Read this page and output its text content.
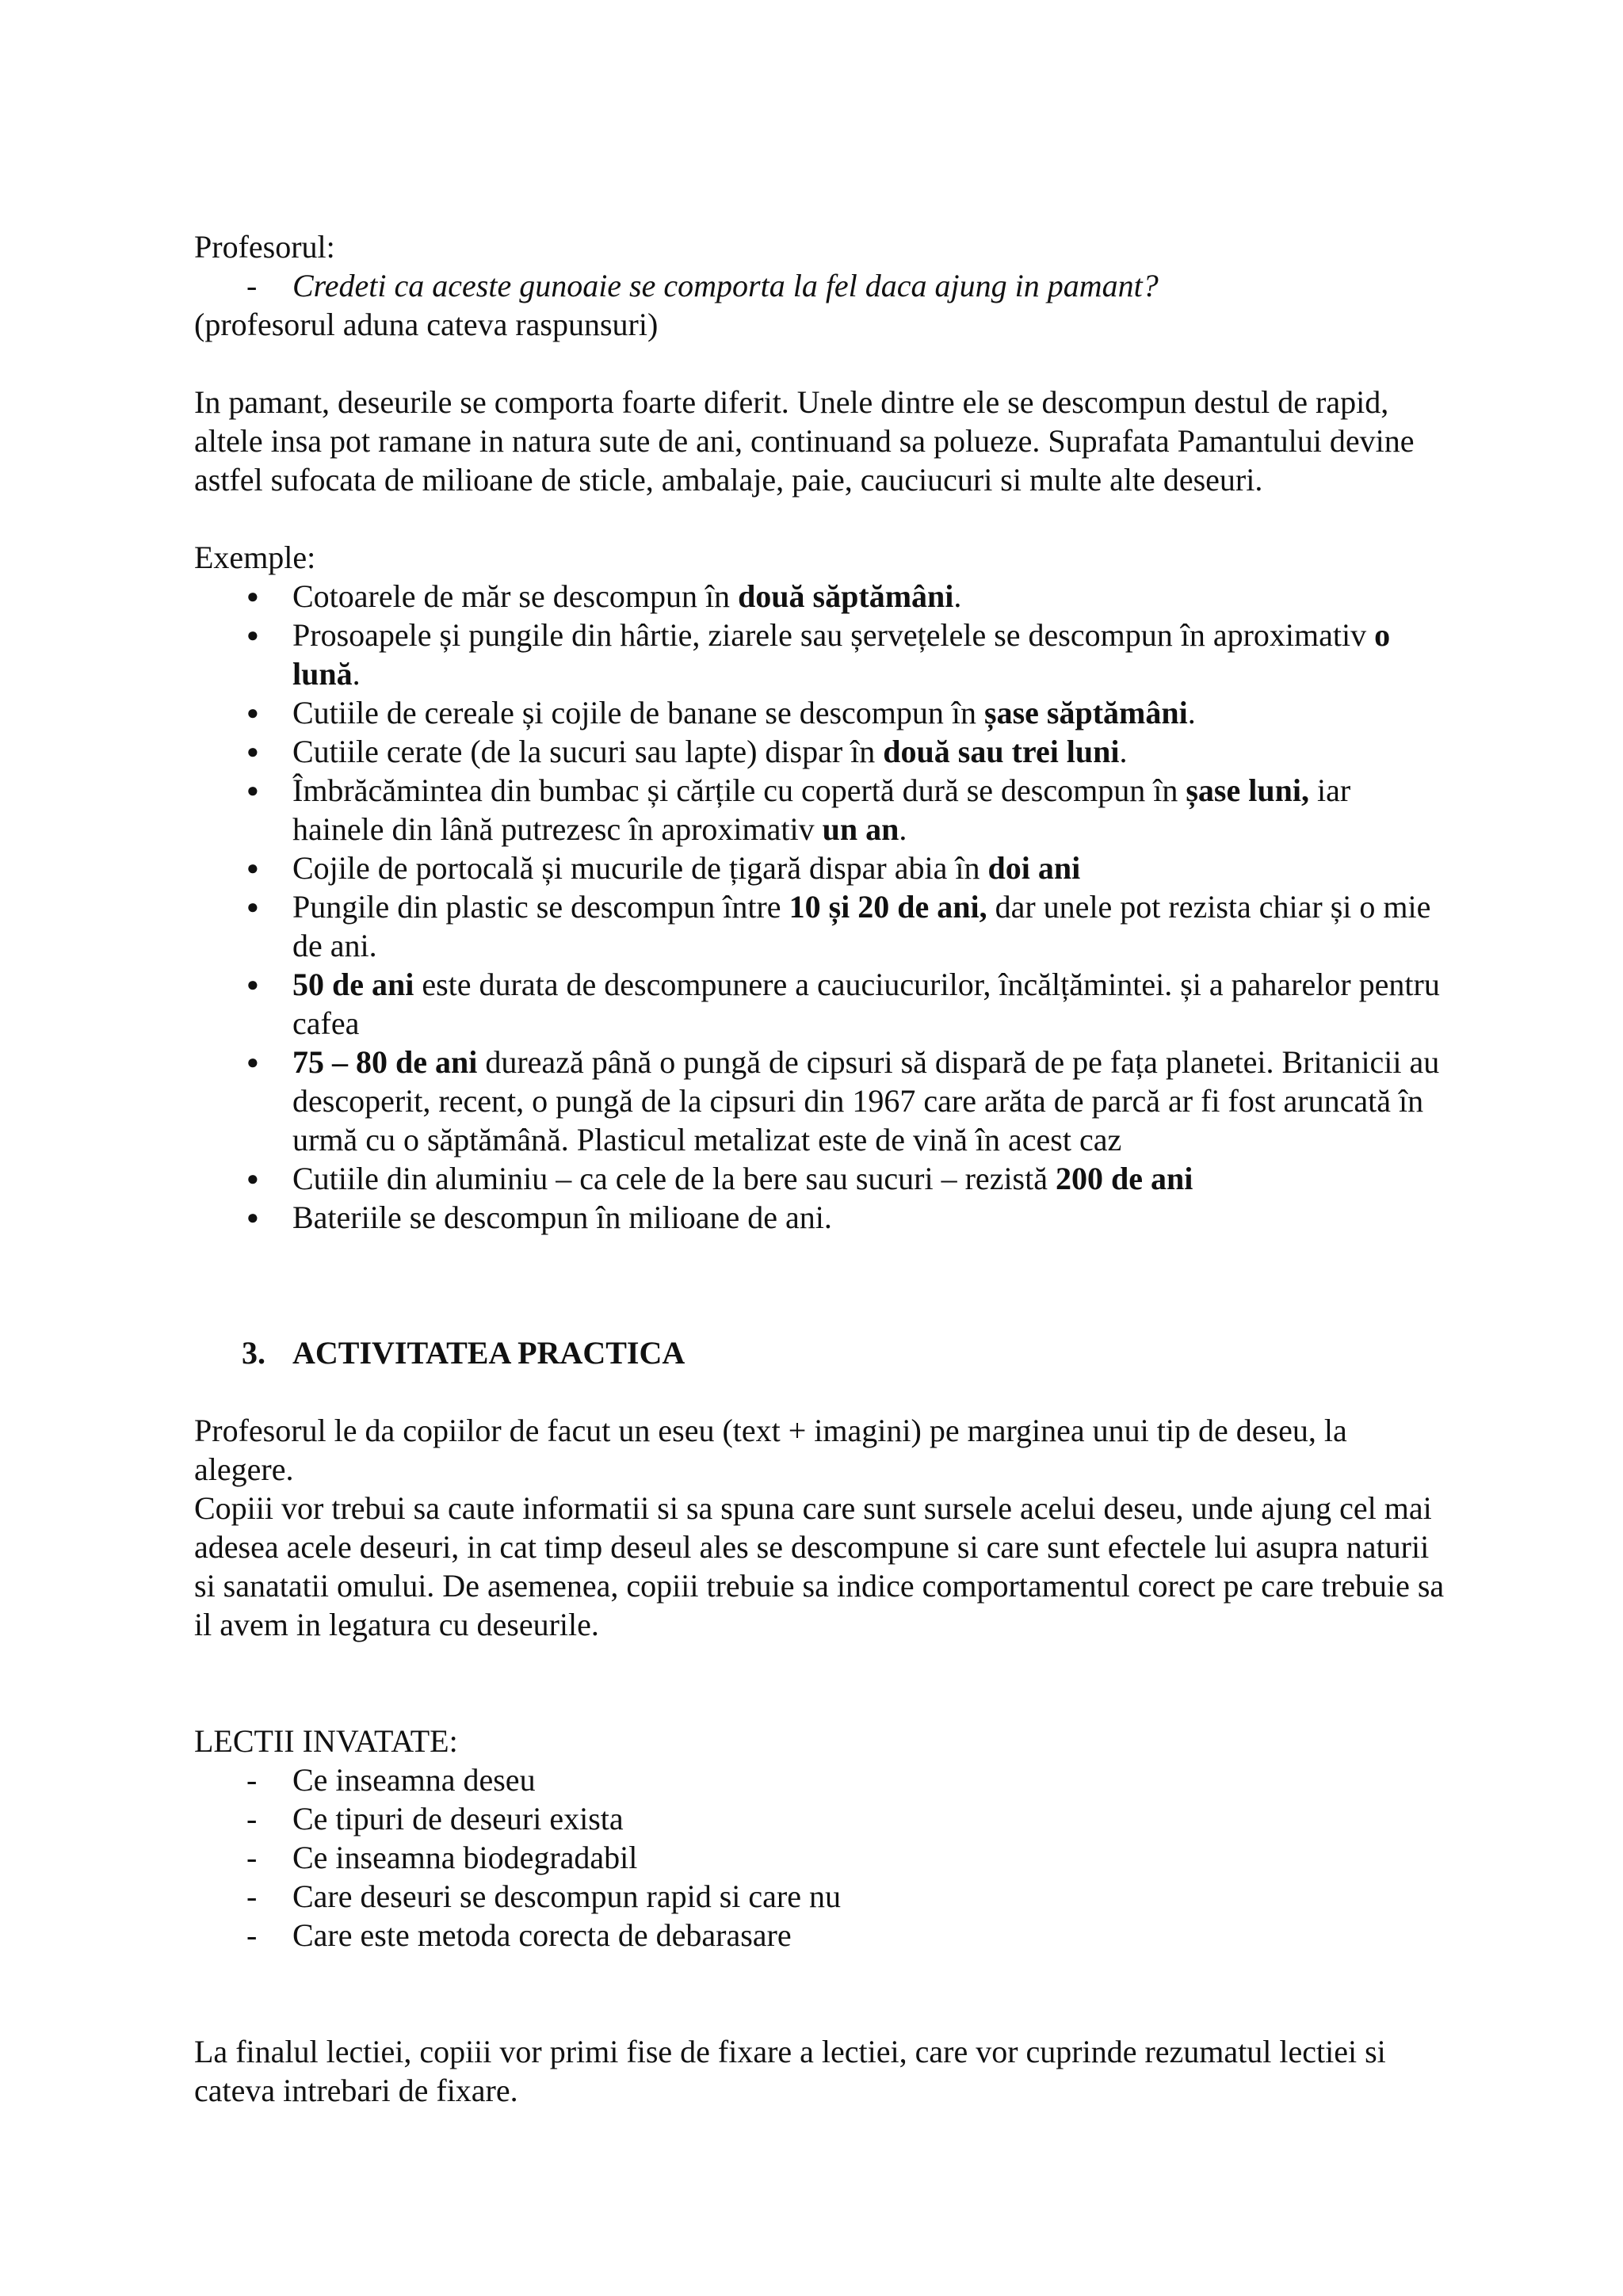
Profesorul:

- Credeti ca aceste gunoaie se comporta la fel daca ajung in pamant?

(profesorul aduna cateva raspunsuri)

In pamant, deseurile se comporta foarte diferit. Unele dintre ele se descompun destul de rapid, altele insa pot ramane in natura sute de ani, continuand sa polueze. Suprafata Pamantului devine astfel sufocata de milioane de sticle, ambalaje, paie, cauciucuri si multe alte deseuri.

Exemple:

● Cotoarele de măr se descompun în două săptămâni.
● Prosoapele și pungile din hârtie, ziarele sau șervețelele se descompun în aproximativ o lună.
● Cutiile de cereale și cojile de banane se descompun în șase săptămâni.
● Cutiile cerate (de la sucuri sau lapte) dispar în două sau trei luni.
● Îmbrăcămintea din bumbac și cărțile cu copertă dură se descompun în șase luni, iar hainele din lână putrezesc în aproximativ un an.
● Cojile de portocală și mucurile de țigară dispar abia în doi ani
● Pungile din plastic se descompun între 10 și 20 de ani, dar unele pot rezista chiar și o mie de ani.
● 50 de ani este durata de descompunere a cauciucurilor, încălțămintei. și a paharelor pentru cafea
● 75 – 80 de ani durează până o pungă de cipsuri să dispară de pe fața planetei. Britanicii au descoperit, recent, o pungă de la cipsuri din 1967 care arăta de parcă ar fi fost aruncată în urmă cu o săptămână. Plasticul metalizat este de vină în acest caz
● Cutiile din aluminiu – ca cele de la bere sau sucuri – rezistă 200 de ani
● Bateriile se descompun în milioane de ani.
3. ACTIVITATEA PRACTICA

Profesorul le da copiilor de facut un eseu (text + imagini) pe marginea unui tip de deseu, la alegere.

Copiii vor trebui sa caute informatii si sa spuna care sunt sursele acelui deseu, unde ajung cel mai adesea acele deseuri, in cat timp deseul ales se descompune si care sunt efectele lui asupra naturii si sanatatii omului. De asemenea, copiii trebuie sa indice comportamentul corect pe care trebuie sa il avem in legatura cu deseurile.

LECTII INVATATE:

- Ce inseamna deseu
- Ce tipuri de deseuri exista
- Ce inseamna biodegradabil
- Care deseuri se descompun rapid si care nu
- Care este metoda corecta de debarasare

La finalul lectiei, copiii vor primi fise de fixare a lectiei, care vor cuprinde rezumatul lectiei si cateva intrebari de fixare.
